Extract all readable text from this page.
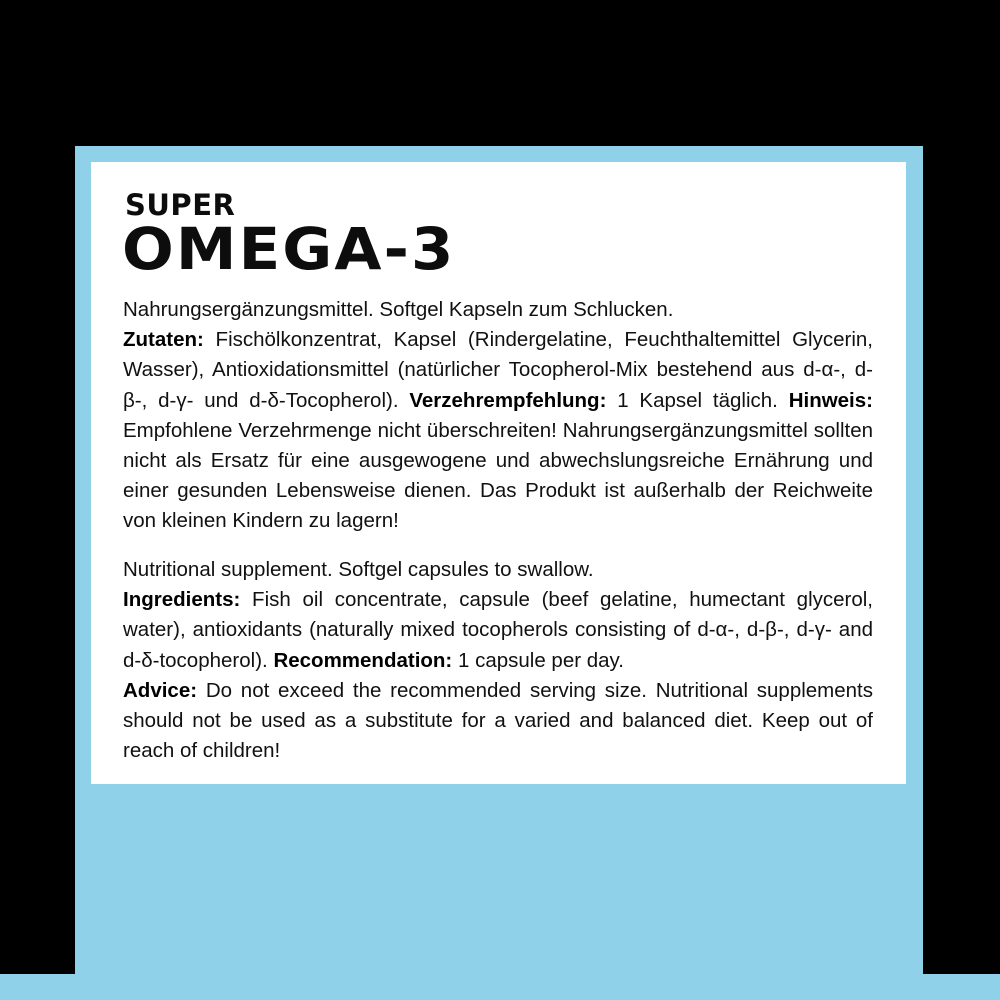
SUPER
OMEGA-3

Nahrungsergänzungsmittel. Softgel Kapseln zum Schlucken.
Zutaten: Fischölkonzentrat, Kapsel (Rindergelatine, Feuchthaltemittel Glycerin, Wasser), Antioxidationsmittel (natürlicher Tocopherol-Mix bestehend aus d-α-, d-β-, d-γ- und d-δ-Tocopherol). Verzehrempfehlung: 1 Kapsel täglich. Hinweis: Empfohlene Verzehrmenge nicht überschreiten! Nahrungsergänzungsmittel sollten nicht als Ersatz für eine ausgewogene und abwechslungsreiche Ernährung und einer gesunden Lebensweise dienen. Das Produkt ist außerhalb der Reichweite von kleinen Kindern zu lagern!

Nutritional supplement. Softgel capsules to swallow.
Ingredients: Fish oil concentrate, capsule (beef gelatine, humectant glycerol, water), antioxidants (naturally mixed tocopherols consisting of d-α-, d-β-, d-γ- and d-δ-tocopherol). Recommendation: 1 capsule per day.
Advice: Do not exceed the recommended serving size. Nutritional supplements should not be used as a substitute for a varied and balanced diet. Keep out of reach of children!
